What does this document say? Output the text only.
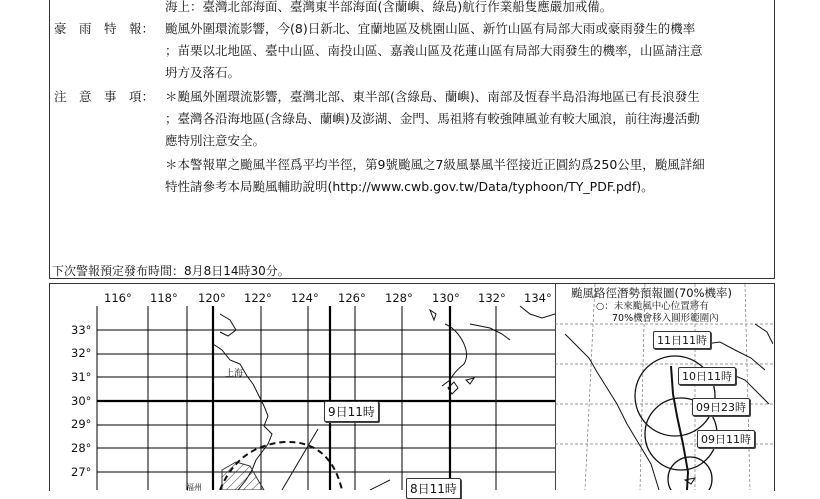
海上：臺灣北部海面、臺灣東半部海面(含蘭嶼、綠島)航行作業船隻應嚴加戒備。
豪　雨　特　報： 颱風外圍環流影響，今(8)日新北、宜蘭地區及桃園山區、新竹山區有局部大雨或豪雨發生的機率
；苗栗以北地區、臺中山區、南投山區、嘉義山區及花蓮山區有局部大雨發生的機率，山區請注意
坍方及落石。
注　意　事　項： ＊颱風外圍環流影響，臺灣北部、東半部(含綠島、蘭嶼)、南部及恆春半島沿海地區已有長浪發生
；臺灣各沿海地區(含綠島、蘭嶼)及澎湖、金門、馬祖將有較強陣風並有較大風浪，前往海邊活動
應特別注意安全。
＊本警報單之颱風半徑爲平均半徑，第9號颱風之7級風暴風半徑接近正圓約爲250公里，颱風詳細
特性請參考本局颱風輔助說明(http://www.cwb.gov.tw/Data/typhoon/TY_PDF.pdf)。
下次警報預定發布時間：8月8日14時30分。
116° 118° 120° 122° 124° 126° 128° 130° 132° 134°
33°
32°
31°
30°
29°
28°
27°
上海
福州
9日11時
8日11時
颱風路徑潛勢預報圖(70%機率)
○：未來颱風中心位置將有
70%機會移入圓形範圍內
11日11時
10日11時
09日23時
09日11時
